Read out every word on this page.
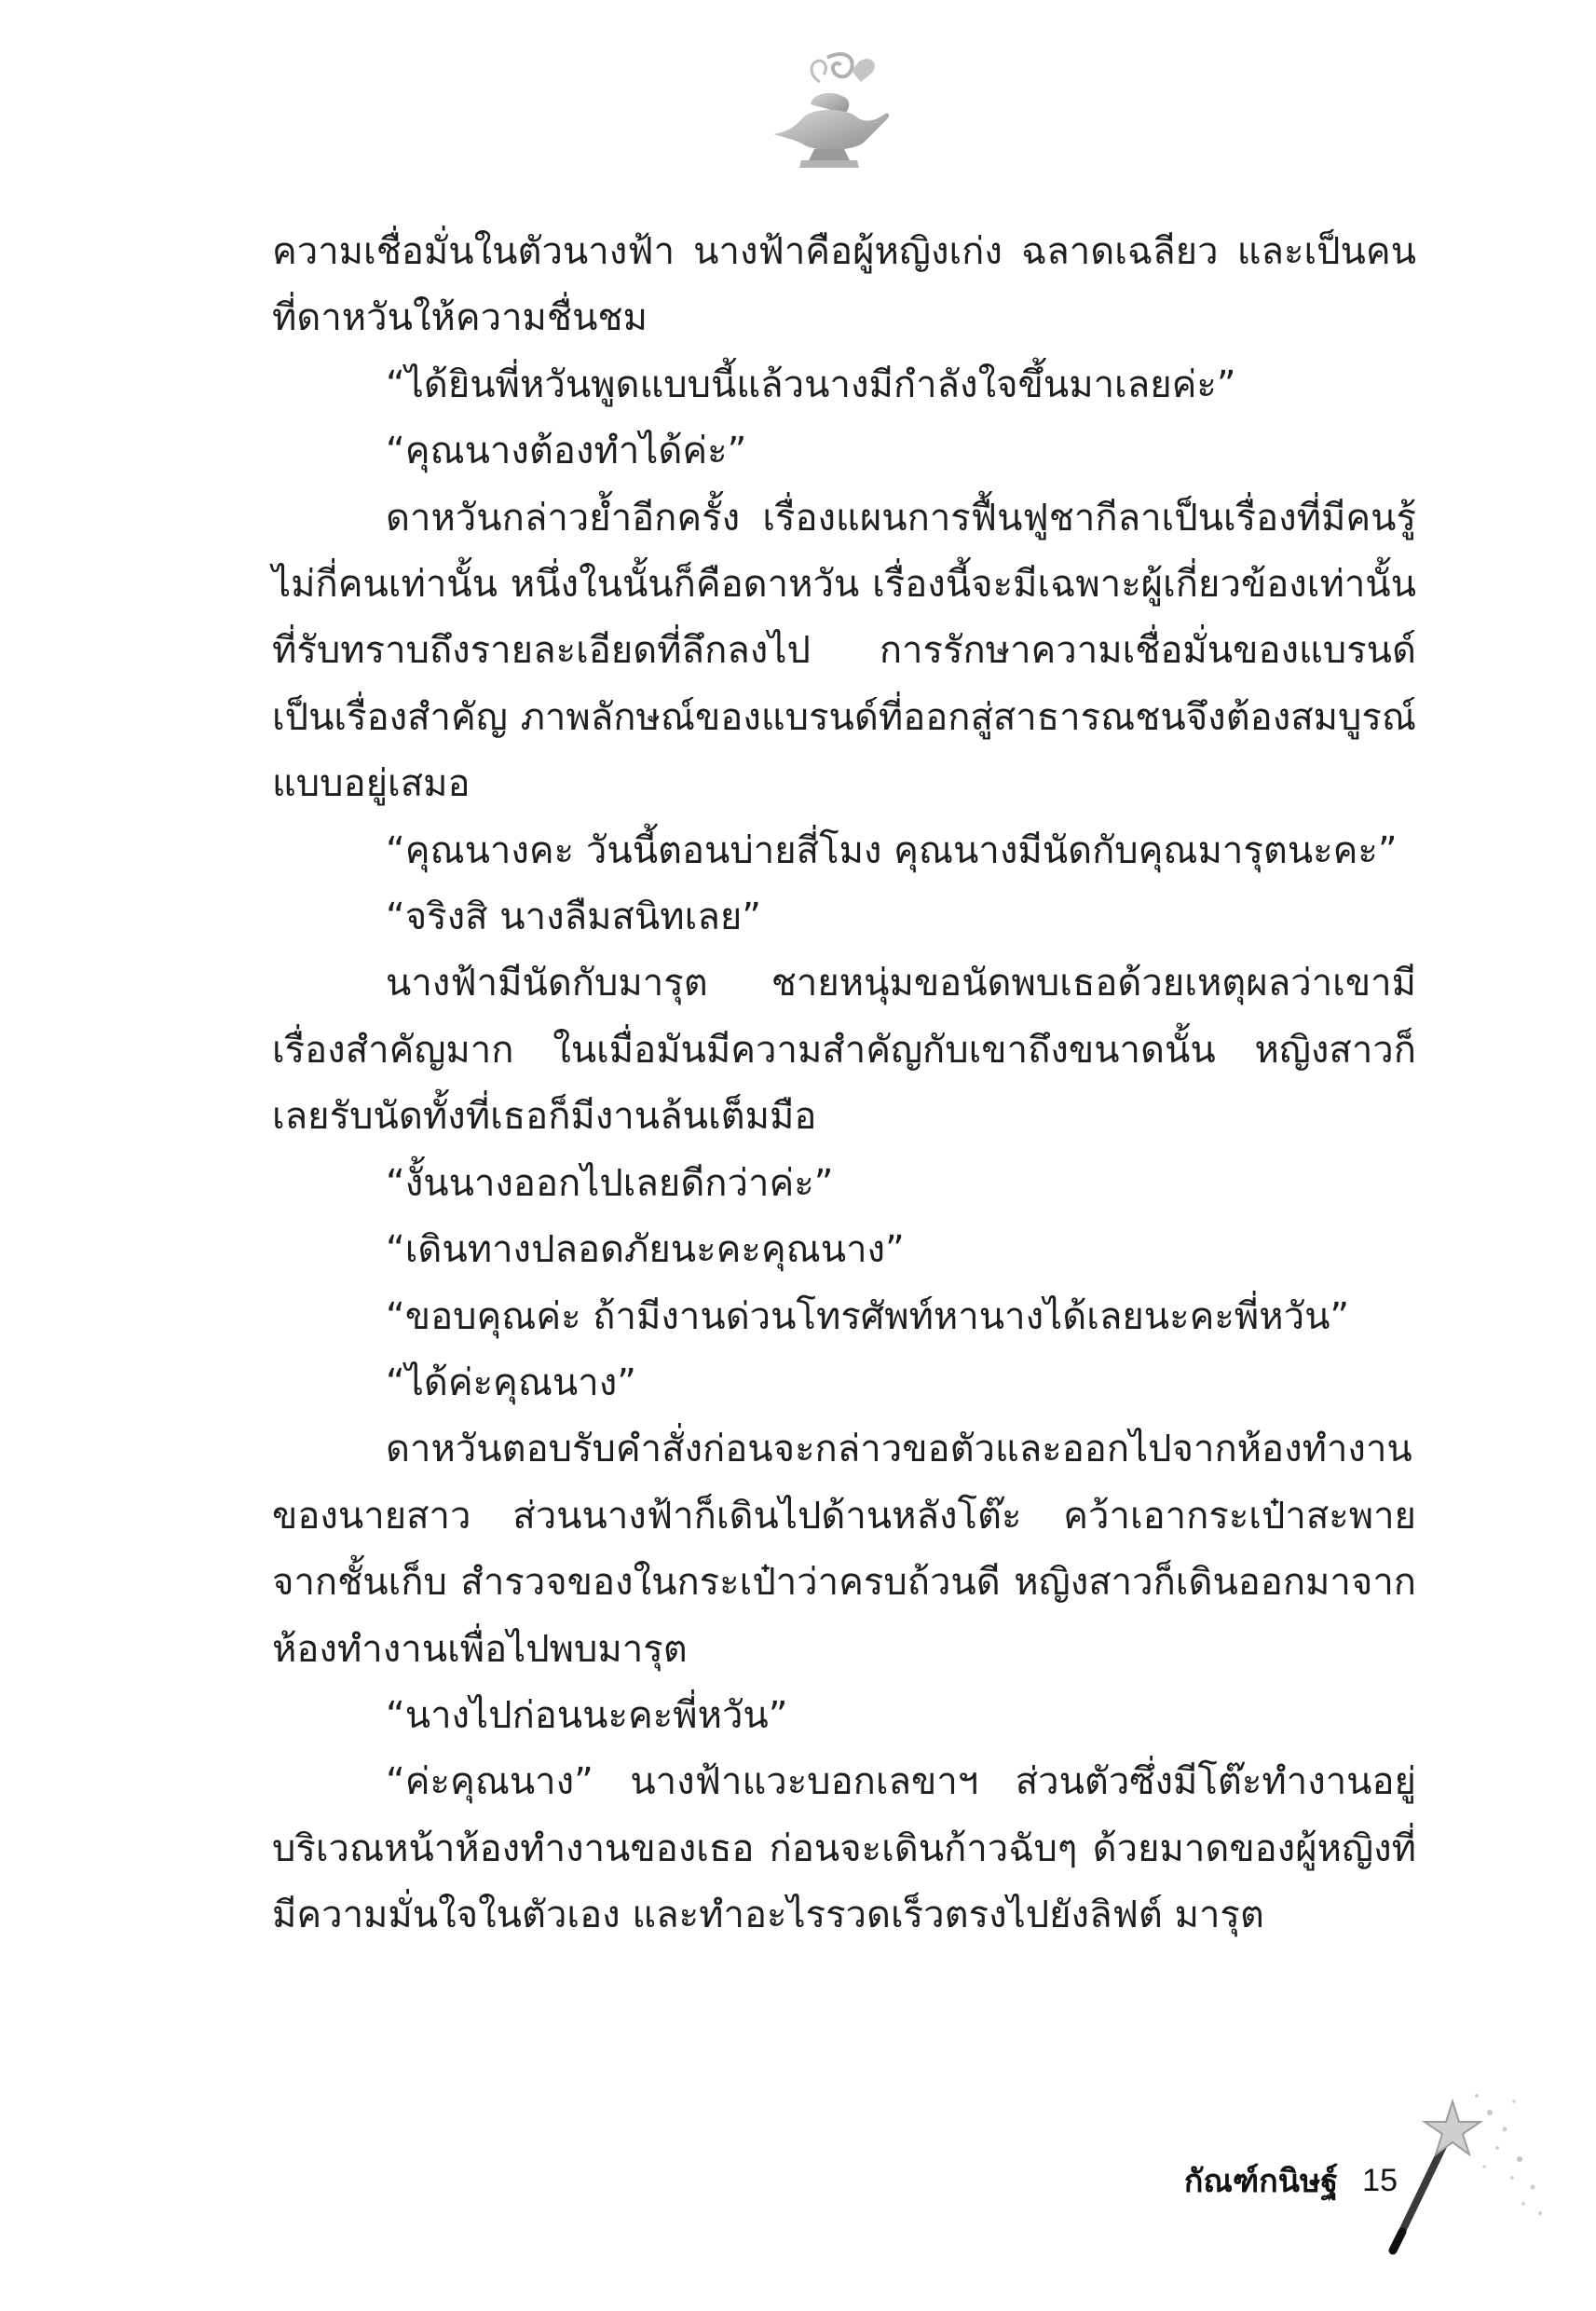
ความเชื่อมั่นในตัวนางฟ้า นางฟ้าคือผู้หญิงเก่ง ฉลาดเฉลียว และเป็นคนที่ดาหวันให้ความชื่นชม

“ได้ยินพี่หวันพูดแบบนี้แล้วนางมีกำลังใจขึ้นมาเลยค่ะ”

“คุณนางต้องทำได้ค่ะ”

ดาหวันกล่าวย้ำอีกครั้ง เรื่องแผนการฟื้นฟูชากีลาเป็นเรื่องที่มีคนรู้ไม่กี่คนเท่านั้น หนึ่งในนั้นก็คือดาหวัน เรื่องนี้จะมีเฉพาะผู้เกี่ยวข้องเท่านั้นที่รับทราบถึงรายละเอียดที่ลึกลงไป การรักษาความเชื่อมั่นของแบรนด์เป็นเรื่องสำคัญ ภาพลักษณ์ของแบรนด์ที่ออกสู่สาธารณชนจึงต้องสมบูรณ์แบบอยู่เสมอ

“คุณนางคะ วันนี้ตอนบ่ายสี่โมง คุณนางมีนัดกับคุณมารุตนะคะ”

“จริงสิ นางลืมสนิทเลย”

นางฟ้ามีนัดกับมารุต ชายหนุ่มขอนัดพบเธอด้วยเหตุผลว่าเขามีเรื่องสำคัญมาก ในเมื่อมันมีความสำคัญกับเขาถึงขนาดนั้น หญิงสาวก็เลยรับนัดทั้งที่เธอก็มีงานล้นเต็มมือ

“งั้นนางออกไปเลยดีกว่าค่ะ”

“เดินทางปลอดภัยนะคะคุณนาง”

“ขอบคุณค่ะ ถ้ามีงานด่วนโทรศัพท์หานางได้เลยนะคะพี่หวัน”

“ได้ค่ะคุณนาง”

ดาหวันตอบรับคำสั่งก่อนจะกล่าวขอตัวและออกไปจากห้องทำงานของนายสาว ส่วนนางฟ้าก็เดินไปด้านหลังโต๊ะ คว้าเอากระเป๋าสะพายจากชั้นเก็บ สำรวจของในกระเป๋าว่าครบถ้วนดี หญิงสาวก็เดินออกมาจากห้องทำงานเพื่อไปพบมารุต

“นางไปก่อนนะคะพี่หวัน”

“ค่ะคุณนาง” นางฟ้าแวะบอกเลขาฯ ส่วนตัวซึ่งมีโต๊ะทำงานอยู่บริเวณหน้าห้องทำงานของเธอ ก่อนจะเดินก้าวฉับๆ ด้วยมาดของผู้หญิงที่มีความมั่นใจในตัวเอง และทำอะไรรวดเร็วตรงไปยังลิฟต์ มารุต

กัณฑ์กนิษฐ์ 15
